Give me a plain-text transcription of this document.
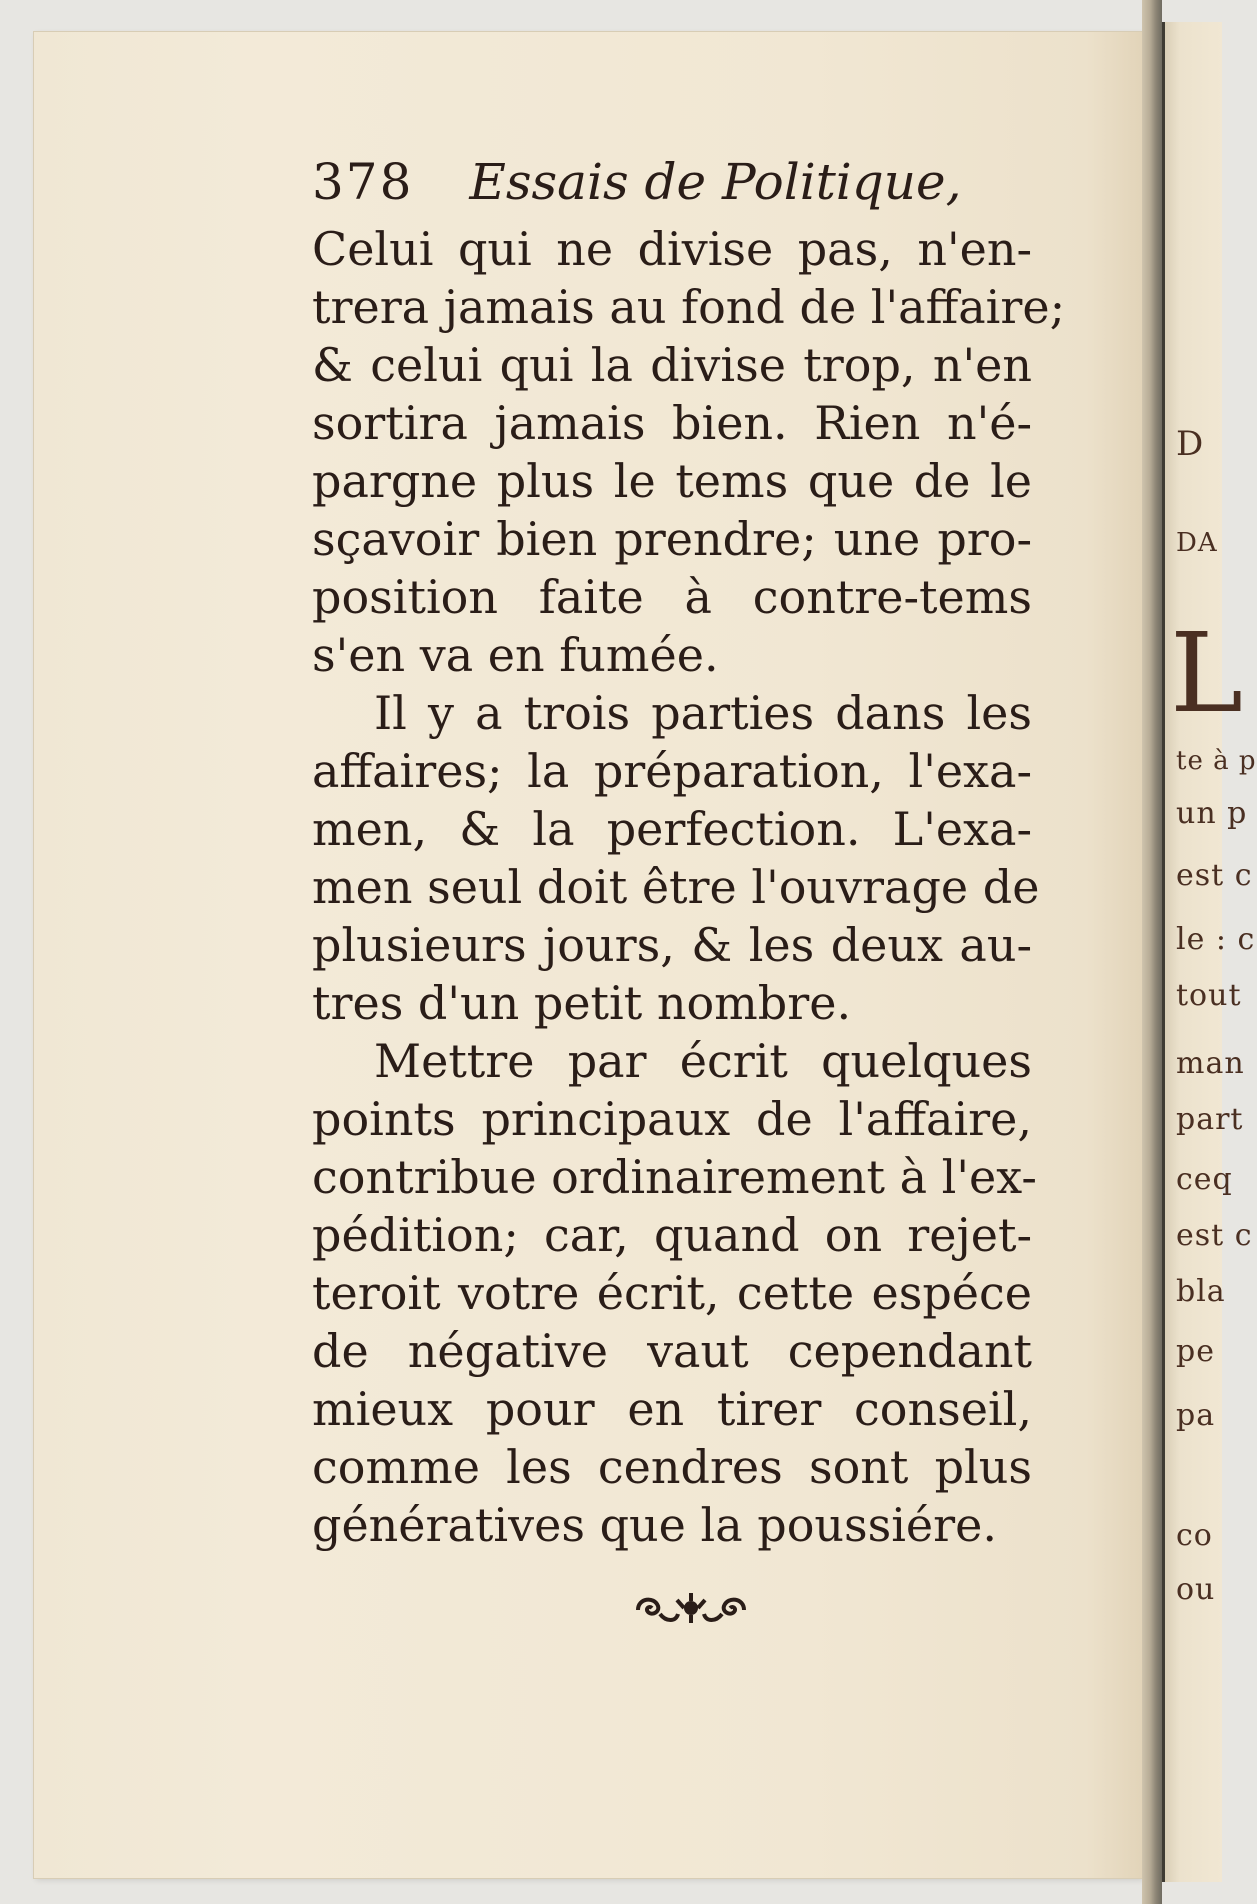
D
DA
L
te à p
un p
est c
le : c
tout
man
part
ceq
est c
bla
pe
pa
co
ou
378 Essais de Politique,
Celui qui ne divise pas, n'en-
trera jamais au fond de l'affaire;
& celui qui la divise trop, n'en
sortira jamais bien. Rien n'é-
pargne plus le tems que de le
sçavoir bien prendre; une pro-
position faite à contre-tems
s'en va en fumée.
Il y a trois parties dans les
affaires; la préparation, l'exa-
men, & la perfection. L'exa-
men seul doit être l'ouvrage de
plusieurs jours, & les deux au-
tres d'un petit nombre.
Mettre par écrit quelques
points principaux de l'affaire,
contribue ordinairement à l'ex-
pédition; car, quand on rejet-
teroit votre écrit, cette espéce
de négative vaut cependant
mieux pour en tirer conseil,
comme les cendres sont plus
génératives que la poussiére.
